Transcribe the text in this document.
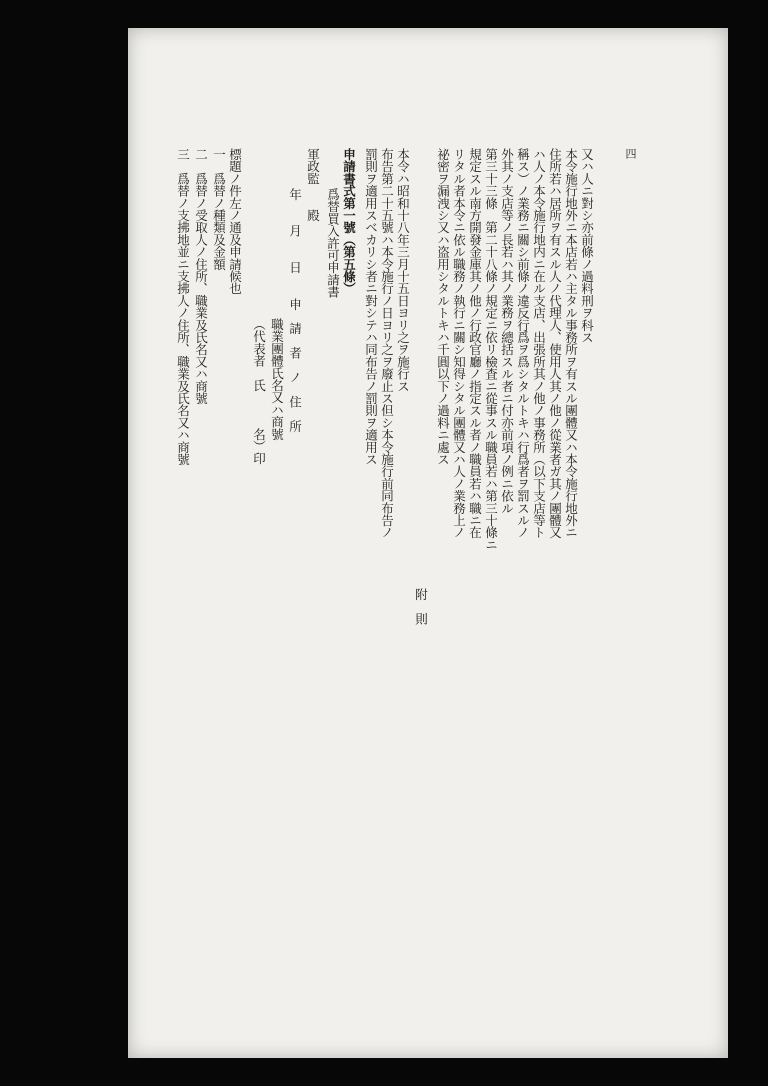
四
又ハ人ニ對シ亦前條ノ過料刑ヲ科ス
本令施行地外ニ本店若ハ主タル事務所ヲ有スル團體又ハ本令施行地外ニ
住所若ハ居所ヲ有スル人ノ代理人、使用人其ノ他ノ從業者ガ其ノ團體又
ハ人ノ本令施行地内ニ在ル支店、出張所其ノ他ノ事務所（以下支店等ト
稱ス）ノ業務ニ關シ前條ノ違反行爲ヲ爲シタルトキハ行爲者ヲ罰スルノ
外其ノ支店等ノ長若ハ其ノ業務ヲ總括スル者ニ付亦前項ノ例ニ依ル
第三十三條　第二十八條ノ規定ニ依リ檢査ニ從事スル職員若ハ第三十條ニ
規定スル南方開發金庫其ノ他ノ行政官廳ノ指定スル者ノ職員若ハ職ニ在
リタル者本令ニ依ル職務ノ執行ニ關シ知得シタル團體又ハ人ノ業務上ノ
祕密ヲ漏洩シ又ハ盗用シタルトキハ千圓以下ノ過料ニ處ス
附　則
本令ハ昭和十八年三月十五日ヨリ之ヲ施行ス
布告第二十五號ハ本令施行ノ日ヨリ之ヲ廢止ス但シ本令施行前同布告ノ
罰則ヲ適用スベカリシ者ニ對シテハ同布告ノ罰則ヲ適用ス
申請書式第一號（第五條）
爲替買入許可申請書
軍政監　　殿
年　　月　　日　　申　請　者　ノ　住　所
職業團體氏名又ハ商號
（代表者　氏　　　名）印
標題ノ件左ノ通及申請候也
一　爲替ノ種類及金額
二　爲替ノ受取人ノ住所、職業及氏名又ハ商號
三　爲替ノ支拂地並ニ支拂人ノ住所、職業及氏名又ハ商號
